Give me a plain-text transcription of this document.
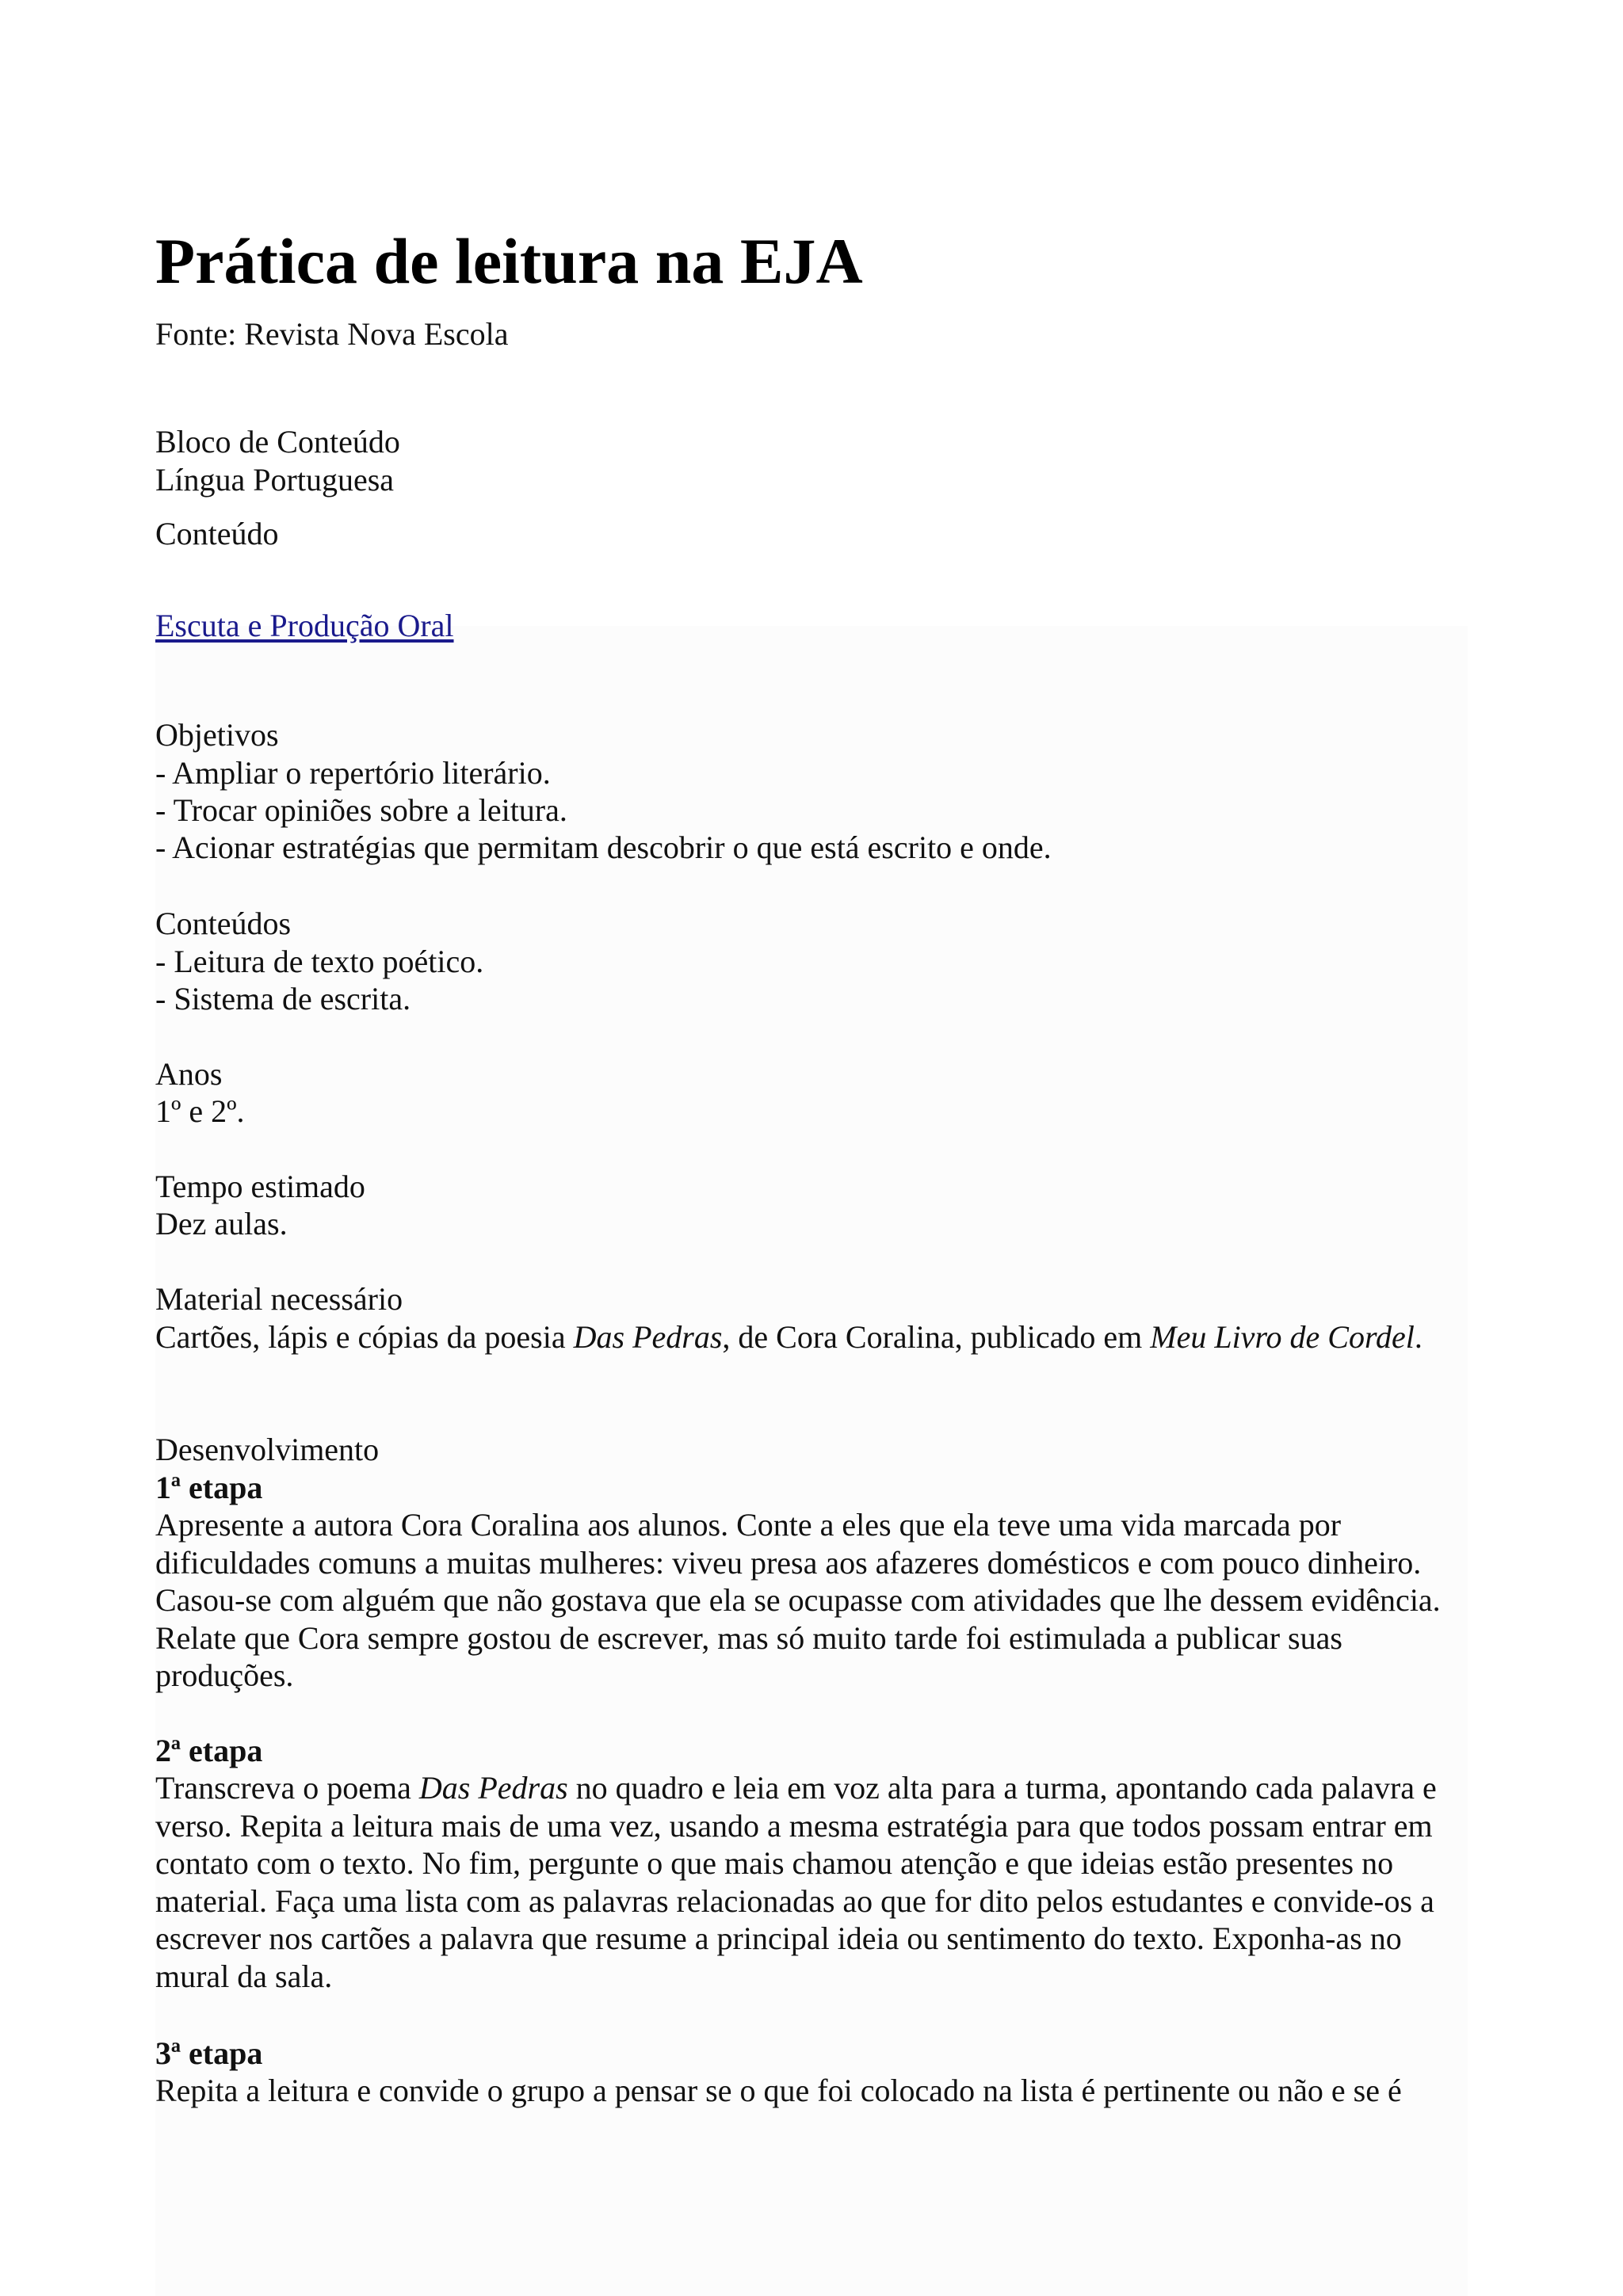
Prática de leitura na EJA
Fonte: Revista Nova Escola
Bloco de Conteúdo
Língua Portuguesa
Conteúdo
Escuta e Produção Oral
Objetivos
- Ampliar o repertório literário.
- Trocar opiniões sobre a leitura.
- Acionar estratégias que permitam descobrir o que está escrito e onde.
Conteúdos
- Leitura de texto poético.
- Sistema de escrita.
Anos
1º e 2º.
Tempo estimado
Dez aulas.
Material necessário
Cartões, lápis e cópias da poesia Das Pedras, de Cora Coralina, publicado em Meu Livro de Cordel.
Desenvolvimento
1ª etapa
Apresente a autora Cora Coralina aos alunos. Conte a eles que ela teve uma vida marcada por dificuldades comuns a muitas mulheres: viveu presa aos afazeres domésticos e com pouco dinheiro. Casou-se com alguém que não gostava que ela se ocupasse com atividades que lhe dessem evidência. Relate que Cora sempre gostou de escrever, mas só muito tarde foi estimulada a publicar suas produções.
2ª etapa
Transcreva o poema Das Pedras no quadro e leia em voz alta para a turma, apontando cada palavra e verso. Repita a leitura mais de uma vez, usando a mesma estratégia para que todos possam entrar em contato com o texto. No fim, pergunte o que mais chamou atenção e que ideias estão presentes no material. Faça uma lista com as palavras relacionadas ao que for dito pelos estudantes e convide-os a escrever nos cartões a palavra que resume a principal ideia ou sentimento do texto. Exponha-as no mural da sala.
3ª etapa
Repita a leitura e convide o grupo a pensar se o que foi colocado na lista é pertinente ou não e se é
